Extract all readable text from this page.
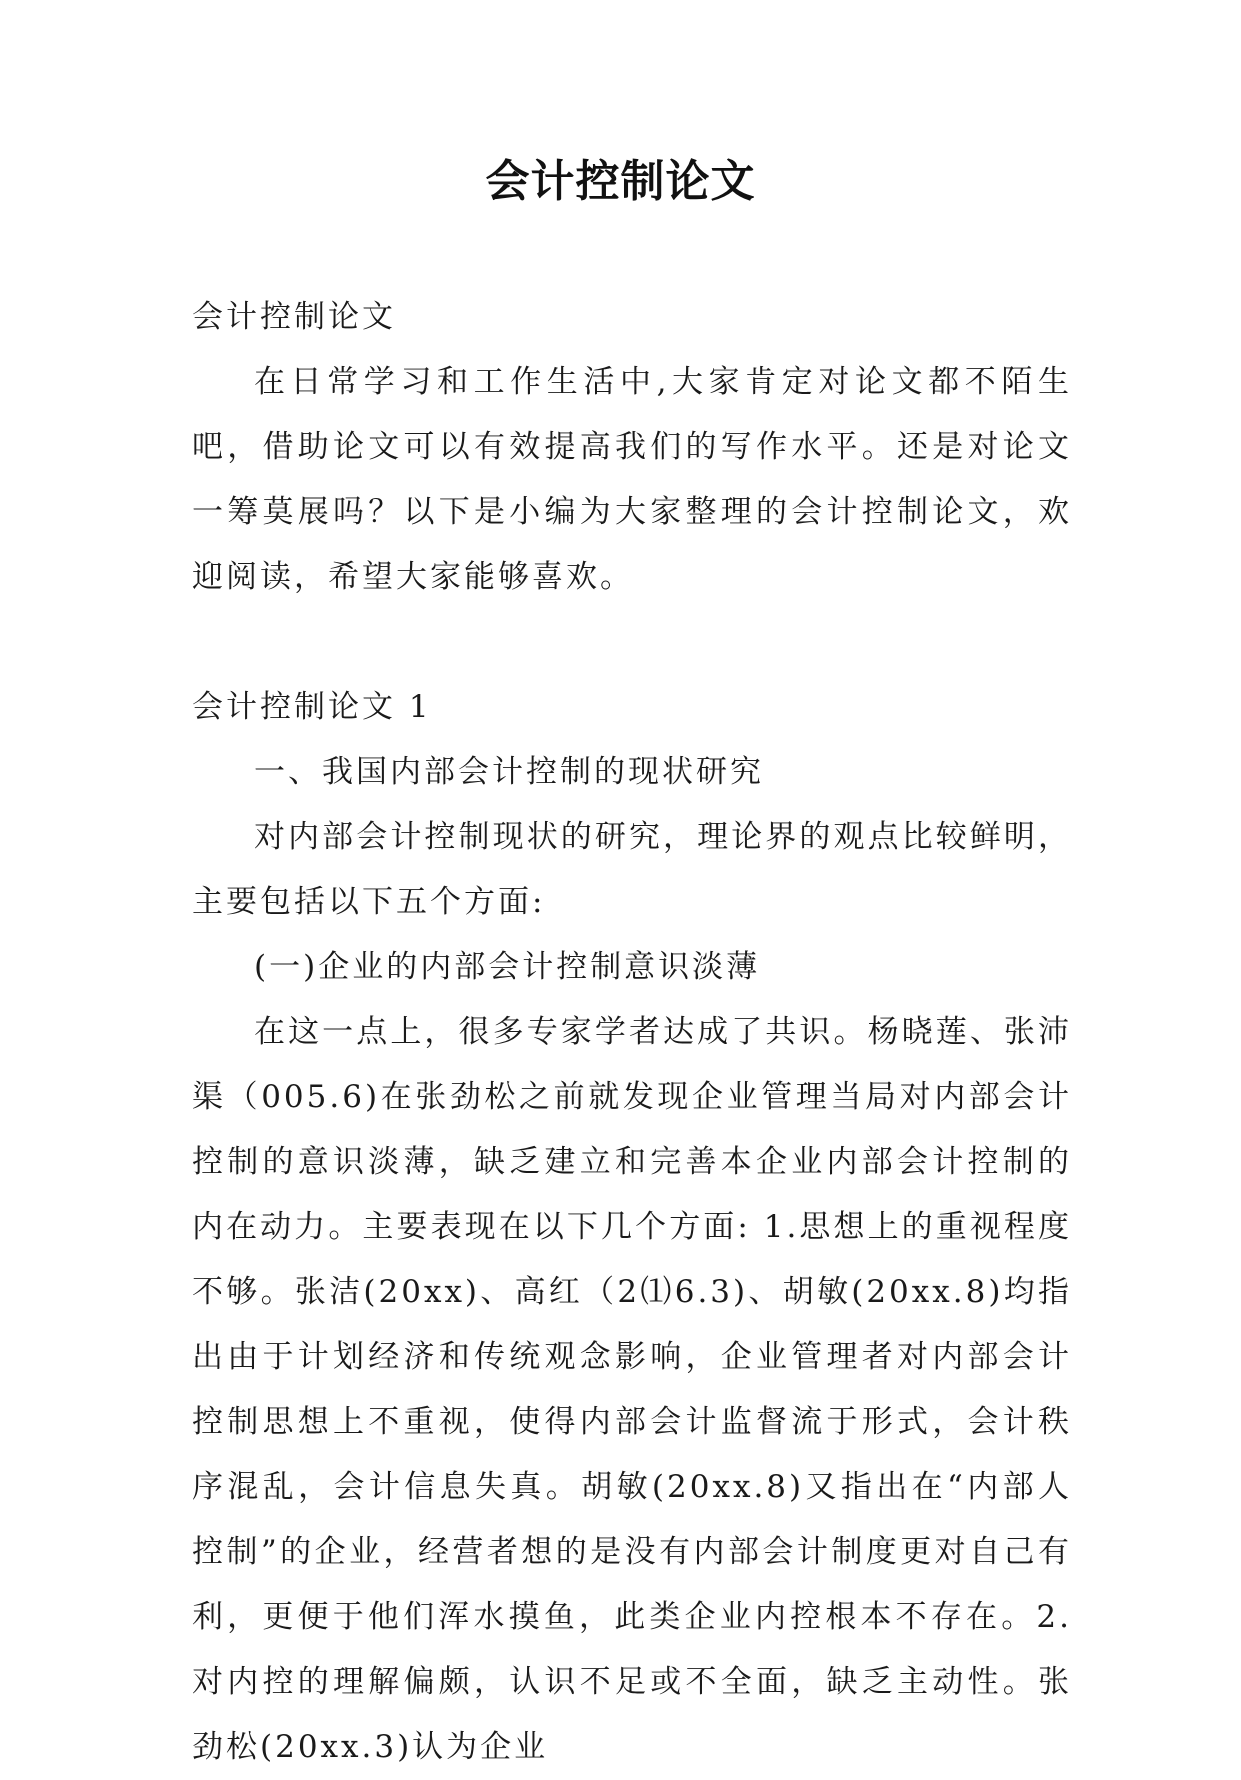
会计控制论文

会计控制论文

在日常学习和工作生活中,大家肯定对论文都不陌生吧，借助论文可以有效提高我们的写作水平。还是对论文一筹莫展吗？以下是小编为大家整理的会计控制论文，欢迎阅读，希望大家能够喜欢。

会计控制论文 1

一、我国内部会计控制的现状研究

对内部会计控制现状的研究，理论界的观点比较鲜明，主要包括以下五个方面:

(一)企业的内部会计控制意识淡薄

在这一点上，很多专家学者达成了共识。杨晓莲、张沛渠（005.6)在张劲松之前就发现企业管理当局对内部会计控制的意识淡薄，缺乏建立和完善本企业内部会计控制的内在动力。主要表现在以下几个方面: 1.思想上的重视程度不够。张洁(20xx)、高红（2⑴6.3)、胡敏(20xx.8)均指出由于计划经济和传统观念影响，企业管理者对内部会计控制思想上不重视，使得内部会计监督流于形式，会计秩序混乱，会计信息失真。胡敏(20xx.8)又指出在“内部人控制”的企业，经营者想的是没有内部会计制度更对自己有利，更便于他们浑水摸鱼，此类企业内控根本不存在。2.对内控的理解偏颇，认识不足或不全面，缺乏主动性。张劲松(20xx.3)认为企业
